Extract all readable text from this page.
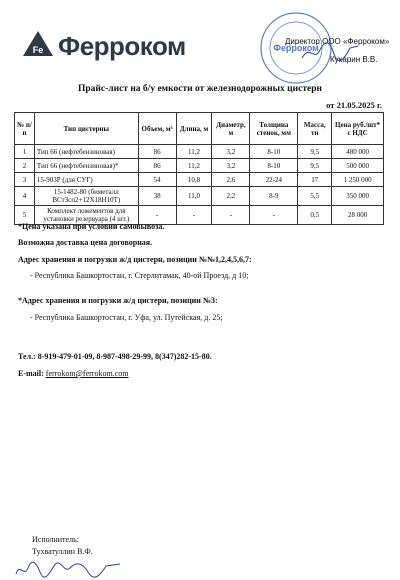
Fe Ферроком	Ферроком
Директор ООО «Ферроком»
Кукарин В.В.
Прайс-лист на б/у емкости от железнодорожных цистерн
от 21.05.2025 г.
№ п/п	Тип цистерны	Объем, м³	Длина, м	Диаметр, м	Толщина стенок, мм	Масса, тн	Цена руб./шт* с НДС
1	Тип 66 (нефтебензиновая)	86	11,2	3,2	8-10	9,5	480 000
2	Тип 66 (нефтебензиновая)*	86	11,2	3,2	8-10	9,5	500 000
3	15-903Р (для СУГ)	54	10,8	2,6	22-24	17	1 250 000
4	15-1482-80 (биметалл ВСт3сп2+12Х18Н10Т)	38	11,0	2,2	8-9	5,5	350 000
5	Комплект ложементов для установки резервуара (4 шт.)	-	-	-	-	0,5	28 000
*Цена указана при условии самовывоза.
Возможна доставка цена договорная.
Адрес хранения и погрузки ж/д цистерн, позиции №№1,2,4,5,6,7:
- Республика Башкортостан, г. Стерлитамак, 40-ой Проезд, д 10;
*Адрес хранения и погрузки ж/д цистерн, позиции №3:
- Республика Башкортостан, г. Уфа, ул. Путейская, д. 25;
Тел.: 8-919-479-01-09, 8-987-498-29-99, 8(347)282-15-80.
E-mail: ferrokom@ferrokom.com
Исполнитель:
Тухватуллин В.Ф.
